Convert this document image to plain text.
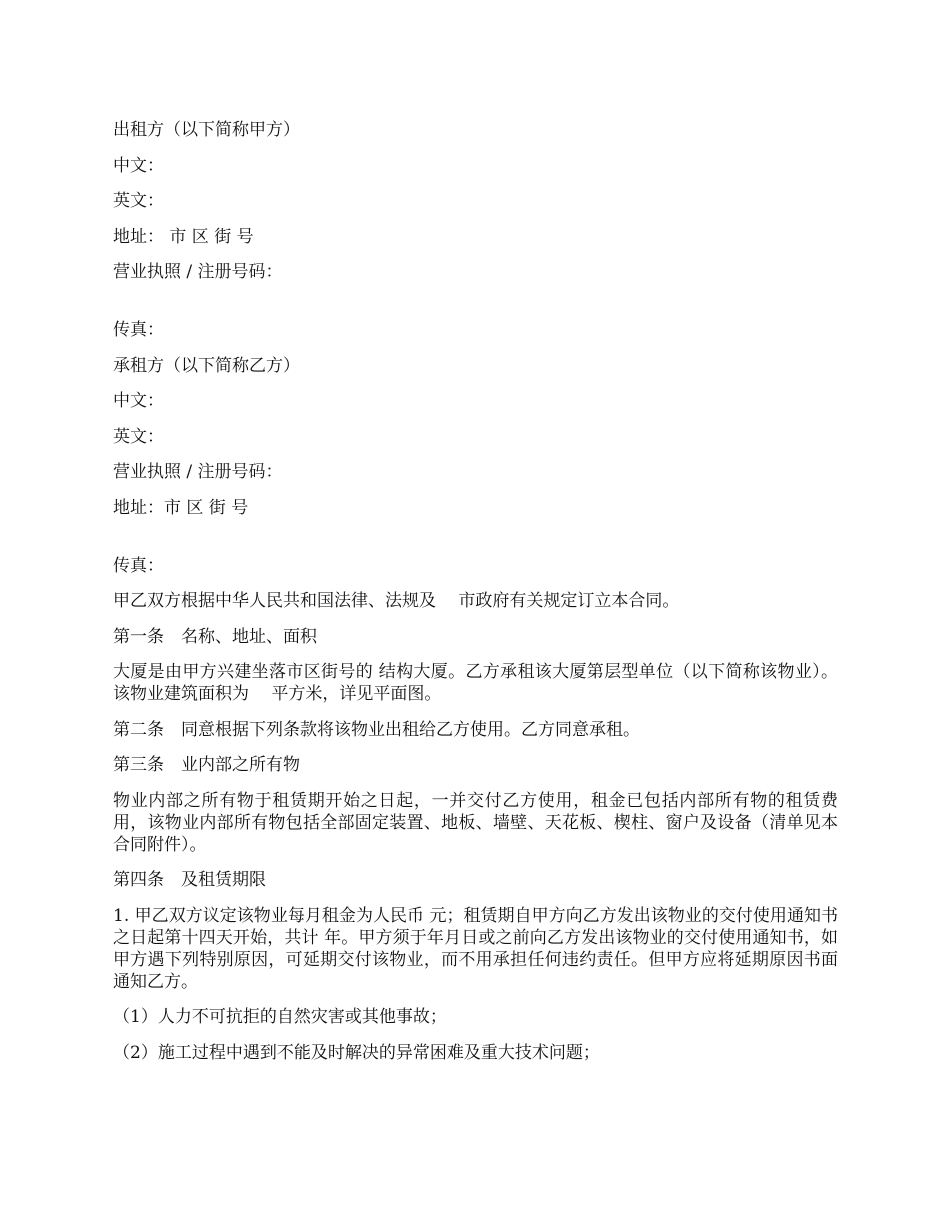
出租方（以下简称甲方）
中文：
英文：
地址： 市 区 街 号
营业执照 / 注册号码：
传真：
承租方（以下简称乙方）
中文：
英文：
营业执照 / 注册号码：
地址：市 区 街 号
传真：
甲乙双方根据中华人民共和国法律、法规及　 市政府有关规定订立本合同。
第一条　名称、地址、面积
大厦是由甲方兴建坐落市区街号的 结构大厦。乙方承租该大厦第层型单位（以下简称该物业）。该物业建筑面积为　 平方米，详见平面图。
第二条　同意根据下列条款将该物业出租给乙方使用。乙方同意承租。
第三条　业内部之所有物
物业内部之所有物于租赁期开始之日起，一并交付乙方使用，租金已包括内部所有物的租赁费用，该物业内部所有物包括全部固定装置、地板、墙壁、天花板、楔柱、窗户及设备（清单见本合同附件）。
第四条　及租赁期限
1. 甲乙双方议定该物业每月租金为人民币 元；租赁期自甲方向乙方发出该物业的交付使用通知书之日起第十四天开始，共计 年。甲方须于年月日或之前向乙方发出该物业的交付使用通知书，如甲方遇下列特别原因，可延期交付该物业，而不用承担任何违约责任。但甲方应将延期原因书面通知乙方。
（1）人力不可抗拒的自然灾害或其他事故；
（2）施工过程中遇到不能及时解决的异常困难及重大技术问题；
